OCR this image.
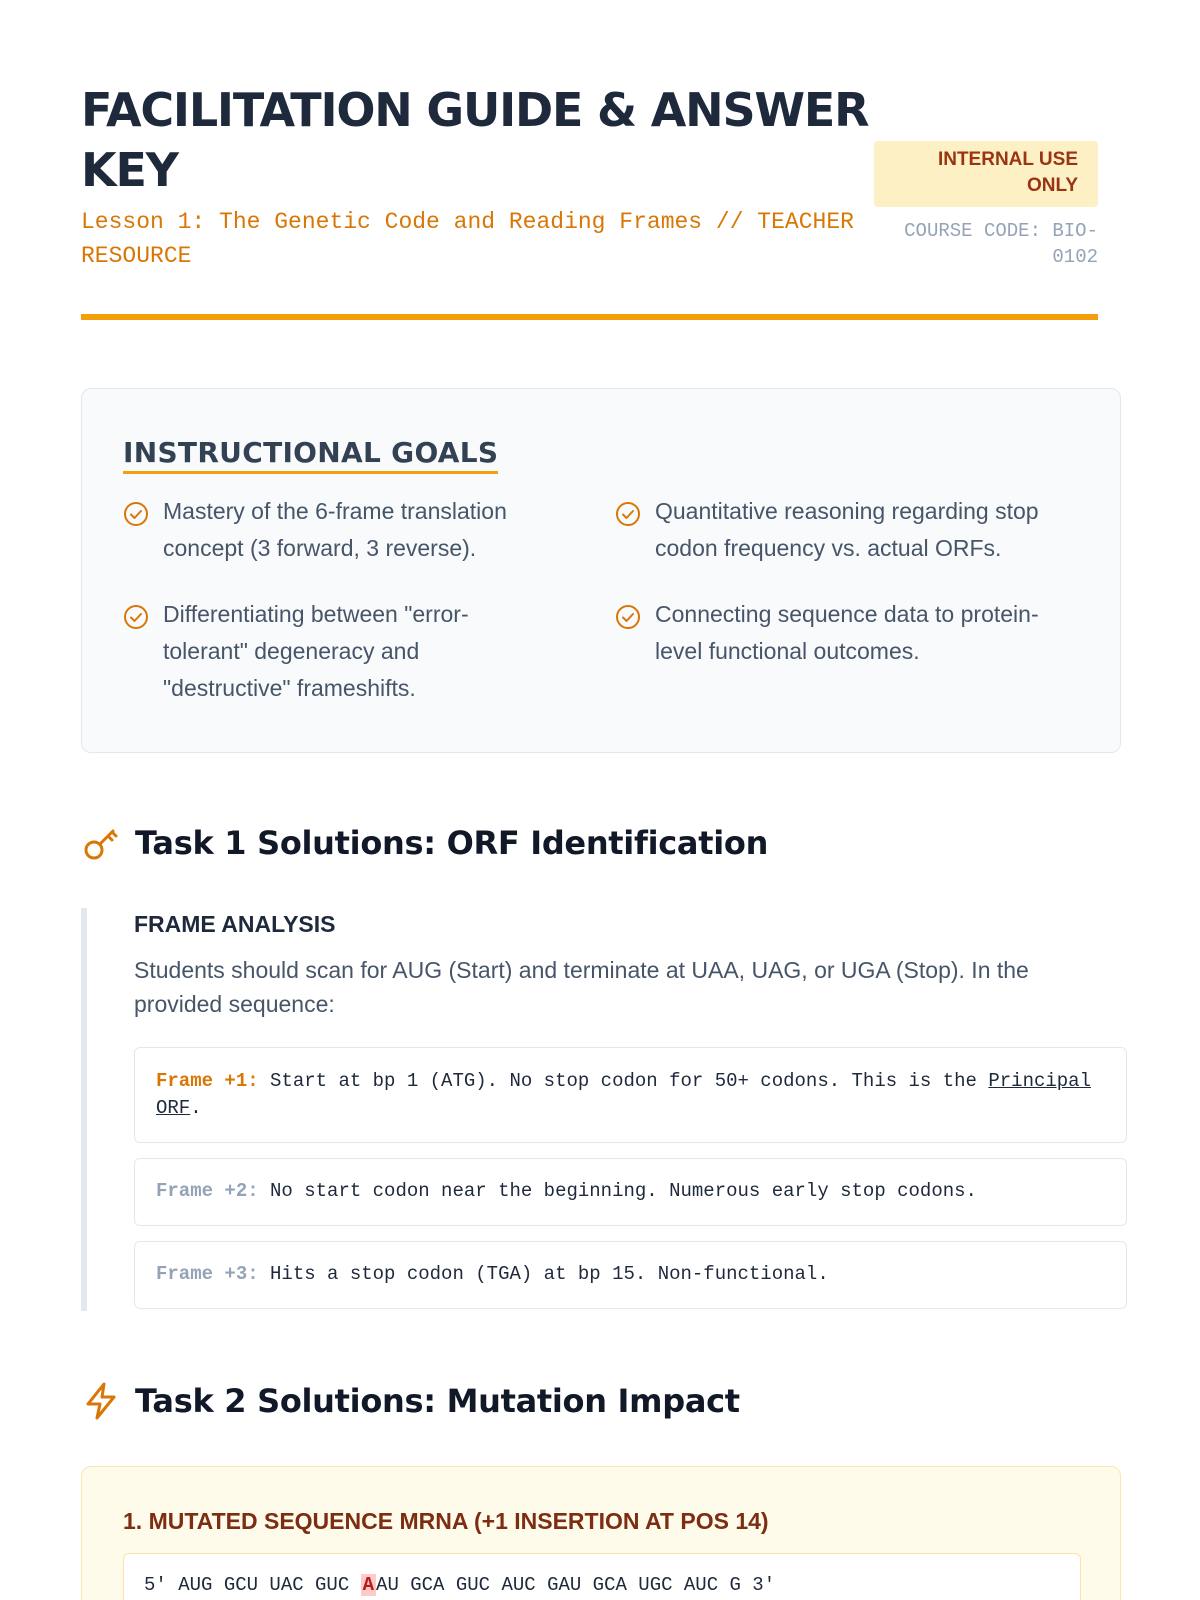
FACILITATION GUIDE & ANSWER KEY
Lesson 1: The Genetic Code and Reading Frames // TEACHER RESOURCE
INTERNAL USE ONLY
COURSE CODE: BIO-0102
INSTRUCTIONAL GOALS
Mastery of the 6-frame translation concept (3 forward, 3 reverse).
Quantitative reasoning regarding stop codon frequency vs. actual ORFs.
Differentiating between "error-tolerant" degeneracy and "destructive" frameshifts.
Connecting sequence data to protein-level functional outcomes.
Task 1 Solutions: ORF Identification
FRAME ANALYSIS

Students should scan for AUG (Start) and terminate at UAA, UAG, or UGA (Stop). In the provided sequence:

Frame +1: Start at bp 1 (ATG). No stop codon for 50+ codons. This is the Principal ORF.
Frame +2: No start codon near the beginning. Numerous early stop codons.
Frame +3: Hits a stop codon (TGA) at bp 15. Non-functional.
Task 2 Solutions: Mutation Impact
1. MUTATED SEQUENCE MRNA (+1 INSERTION AT POS 14)
5' AUG GCU UAC GUC A AU GCA GUC AUC GAU GCA UGC AUC G 3'
